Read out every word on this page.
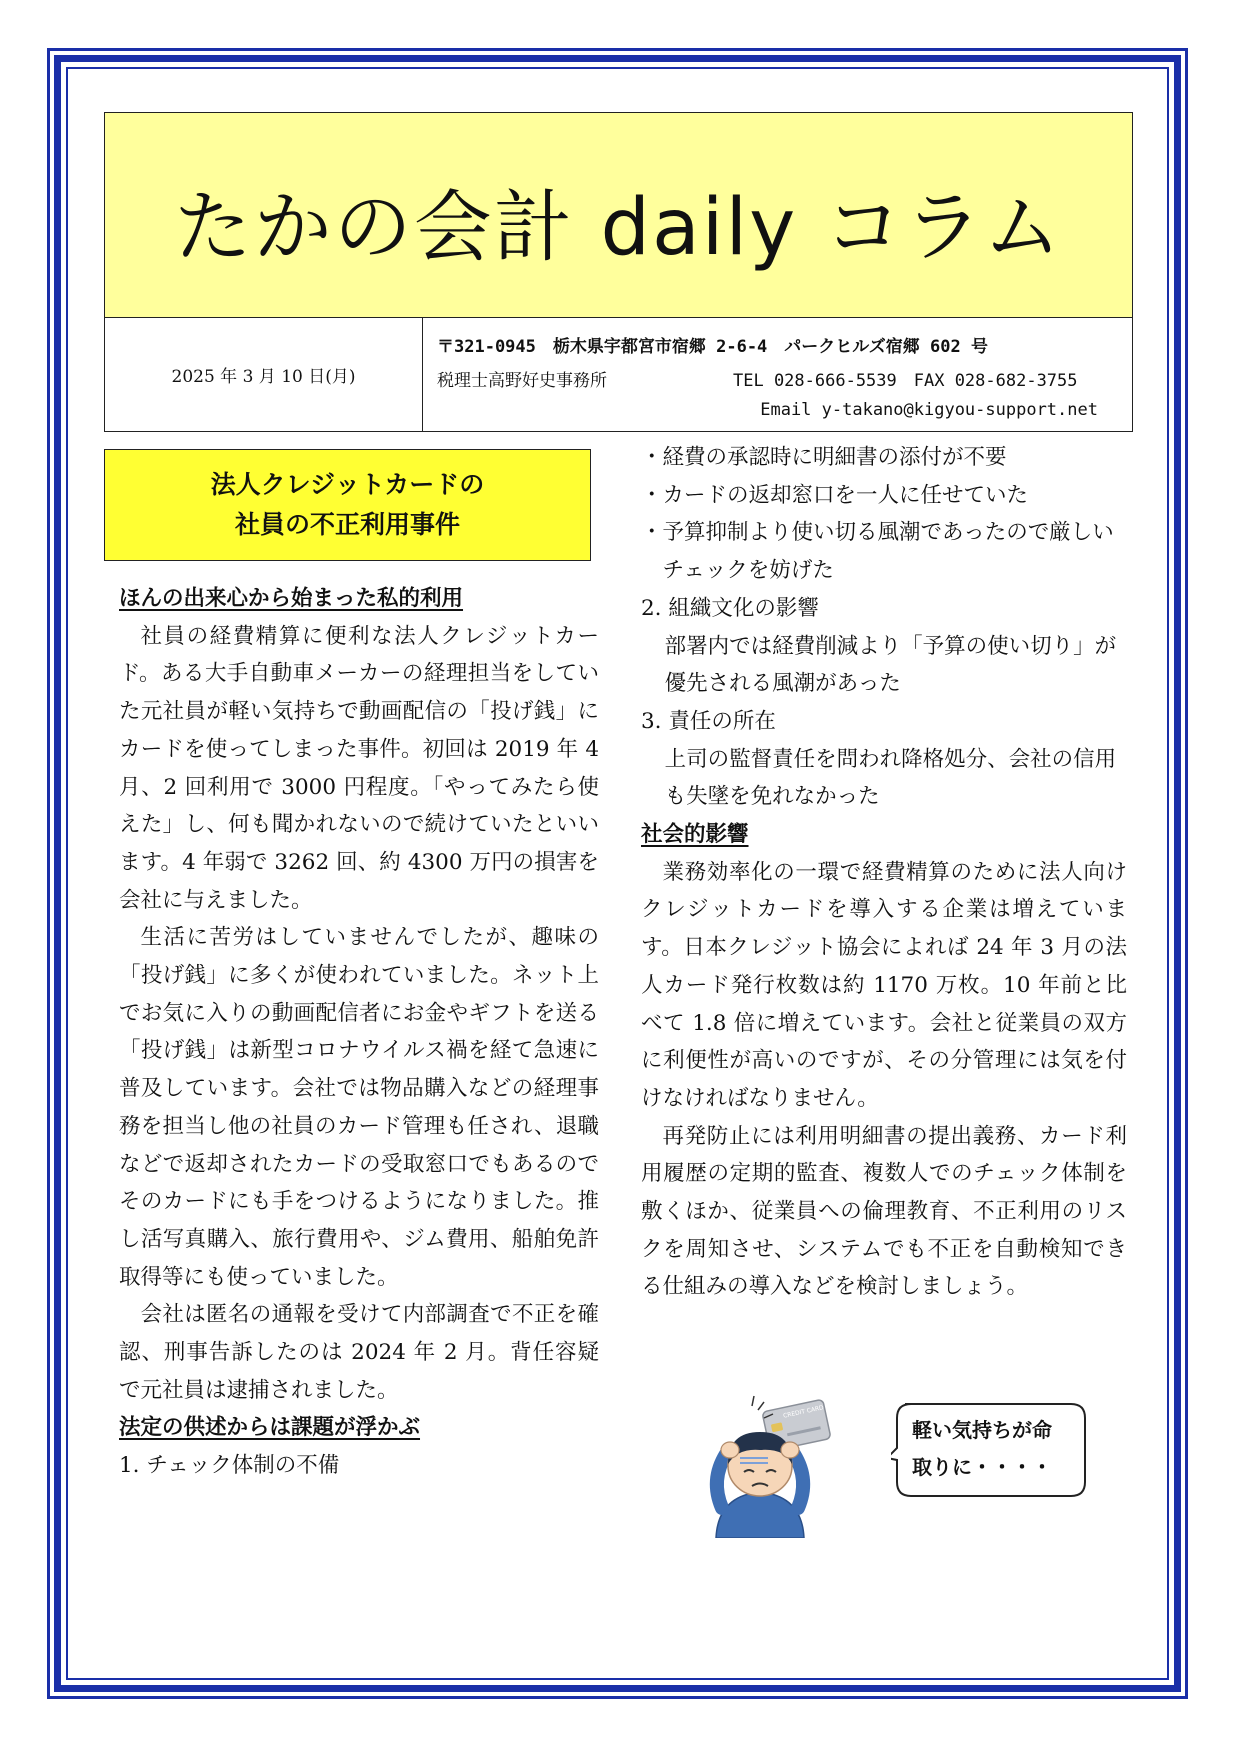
たかの会計 daily コラム
2025 年 3 月 10 日(月)
〒321-0945　栃木県宇都宮市宿郷 2-6-4　パークヒルズ宿郷 602 号
税理士高野好史事務所	TEL 028-666-5539　FAX 028-682-3755
Email y-takano@kigyou-support.net
法人クレジットカードの
社員の不正利用事件

ほんの出来心から始まった私的利用

社員の経費精算に便利な法人クレジットカード。ある大手自動車メーカーの経理担当をしていた元社員が軽い気持ちで動画配信の「投げ銭」にカードを使ってしまった事件。初回は 2019 年 4 月、2 回利用で 3000 円程度。「やってみたら使えた」し、何も聞かれないので続けていたといいます。4 年弱で 3262 回、約 4300 万円の損害を会社に与えました。

生活に苦労はしていませんでしたが、趣味の「投げ銭」に多くが使われていました。ネット上でお気に入りの動画配信者にお金やギフトを送る「投げ銭」は新型コロナウイルス禍を経て急速に普及しています。会社では物品購入などの経理事務を担当し他の社員のカード管理も任され、退職などで返却されたカードの受取窓口でもあるのでそのカードにも手をつけるようになりました。推し活写真購入、旅行費用や、ジム費用、船舶免許取得等にも使っていました。

会社は匿名の通報を受けて内部調査で不正を確認、刑事告訴したのは 2024 年 2 月。背任容疑で元社員は逮捕されました。

法定の供述からは課題が浮かぶ

1. チェック体制の不備

・経費の承認時に明細書の添付が不要

・カードの返却窓口を一人に任せていた

・予算抑制より使い切る風潮であったので厳しいチェックを妨げた

2. 組織文化の影響

部署内では経費削減より「予算の使い切り」が優先される風潮があった

3. 責任の所在

上司の監督責任を問われ降格処分、会社の信用も失墜を免れなかった

社会的影響

業務効率化の一環で経費精算のために法人向けクレジットカードを導入する企業は増えています。日本クレジット協会によれば 24 年 3 月の法人カード発行枚数は約 1170 万枚。10 年前と比べて 1.8 倍に増えています。会社と従業員の双方に利便性が高いのですが、その分管理には気を付けなければなりません。

再発防止には利用明細書の提出義務、カード利用履歴の定期的監査、複数人でのチェック体制を敷くほか、従業員への倫理教育、不正利用のリスクを周知させ、システムでも不正を自動検知できる仕組みの導入などを検討しましょう。

CREDIT CARD
軽い気持ちが命
取りに・・・・
